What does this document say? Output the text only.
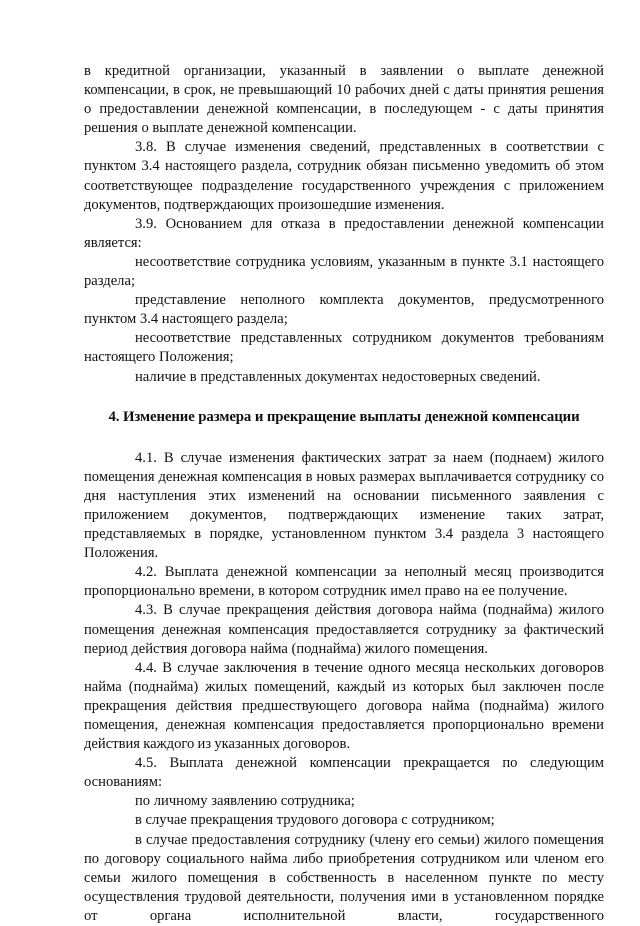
в кредитной организации, указанный в заявлении о выплате денежной компенсации, в срок, не превышающий 10 рабочих дней с даты принятия решения о предоставлении денежной компенсации, в последующем - с даты принятия решения о выплате денежной компенсации.

3.8. В случае изменения сведений, представленных в соответствии с пунктом 3.4 настоящего раздела, сотрудник обязан письменно уведомить об этом соответствующее подразделение государственного учреждения с приложением документов, подтверждающих произошедшие изменения.

3.9. Основанием для отказа в предоставлении денежной компенсации является:

несоответствие сотрудника условиям, указанным в пункте 3.1 настоящего раздела;

представление неполного комплекта документов, предусмотренного пунктом 3.4 настоящего раздела;

несоответствие представленных сотрудником документов требованиям настоящего Положения;

наличие в представленных документах недостоверных сведений.

4. Изменение размера и прекращение выплаты денежной компенсации

4.1. В случае изменения фактических затрат за наем (поднаем) жилого помещения денежная компенсация в новых размерах выплачивается сотруднику со дня наступления этих изменений на основании письменного заявления с приложением документов, подтверждающих изменение таких затрат, представляемых в порядке, установленном пунктом 3.4 раздела 3 настоящего Положения.

4.2. Выплата денежной компенсации за неполный месяц производится пропорционально времени, в котором сотрудник имел право на ее получение.

4.3. В случае прекращения действия договора найма (поднайма) жилого помещения денежная компенсация предоставляется сотруднику за фактический период действия договора найма (поднайма) жилого помещения.

4.4. В случае заключения в течение одного месяца нескольких договоров найма (поднайма) жилых помещений, каждый из которых был заключен после прекращения действия предшествующего договора найма (поднайма) жилого помещения, денежная компенсация предоставляется пропорционально времени действия каждого из указанных договоров.

4.5. Выплата денежной компенсации прекращается по следующим основаниям:

по личному заявлению сотрудника;

в случае прекращения трудового договора с сотрудником;

в случае предоставления сотруднику (члену его семьи) жилого помещения по договору социального найма либо приобретения сотрудником или членом его семьи жилого помещения в собственность в населенном пункте по месту осуществления трудовой деятельности, получения ими в установленном порядке от органа исполнительной власти, государственного
